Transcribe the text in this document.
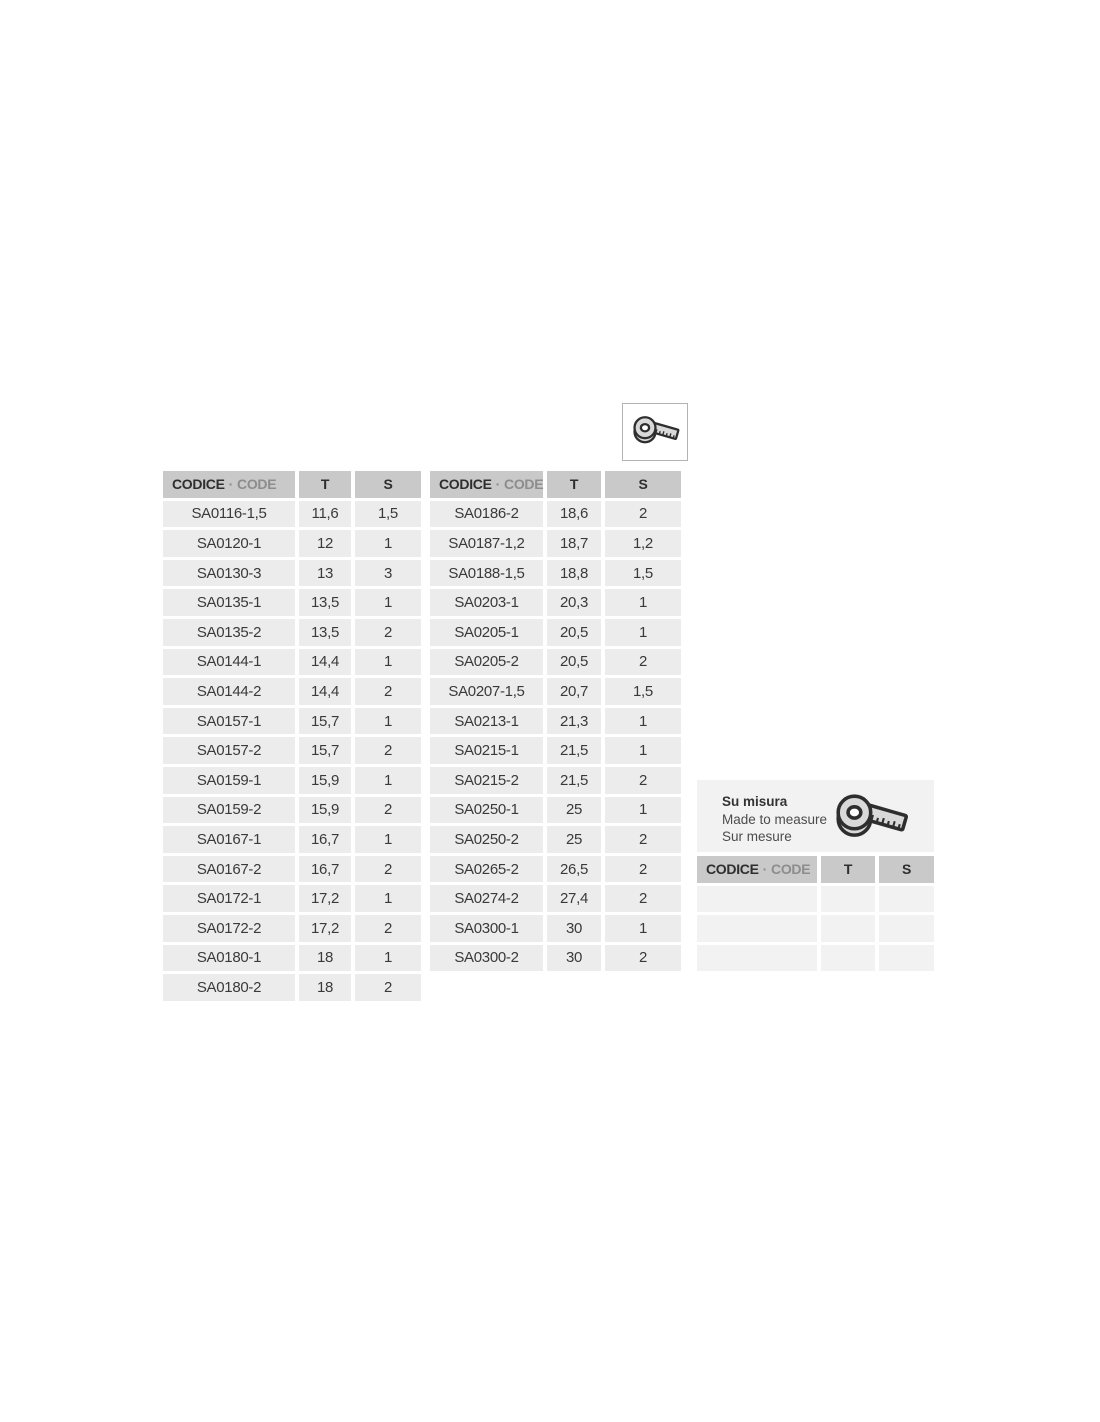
CODICE · CODE	T	S
SA0116-1,5	11,6	1,5
SA0120-1	12	1
SA0130-3	13	3
SA0135-1	13,5	1
SA0135-2	13,5	2
SA0144-1	14,4	1
SA0144-2	14,4	2
SA0157-1	15,7	1
SA0157-2	15,7	2
SA0159-1	15,9	1
SA0159-2	15,9	2
SA0167-1	16,7	1
SA0167-2	16,7	2
SA0172-1	17,2	1
SA0172-2	17,2	2
SA0180-1	18	1
SA0180-2	18	2
CODICE · CODE	T	S
SA0186-2	18,6	2
SA0187-1,2	18,7	1,2
SA0188-1,5	18,8	1,5
SA0203-1	20,3	1
SA0205-1	20,5	1
SA0205-2	20,5	2
SA0207-1,5	20,7	1,5
SA0213-1	21,3	1
SA0215-1	21,5	1
SA0215-2	21,5	2
SA0250-1	25	1
SA0250-2	25	2
SA0265-2	26,5	2
SA0274-2	27,4	2
SA0300-1	30	1
SA0300-2	30	2
Su misura
Made to measure
Sur mesure
CODICE · CODE	T	S
